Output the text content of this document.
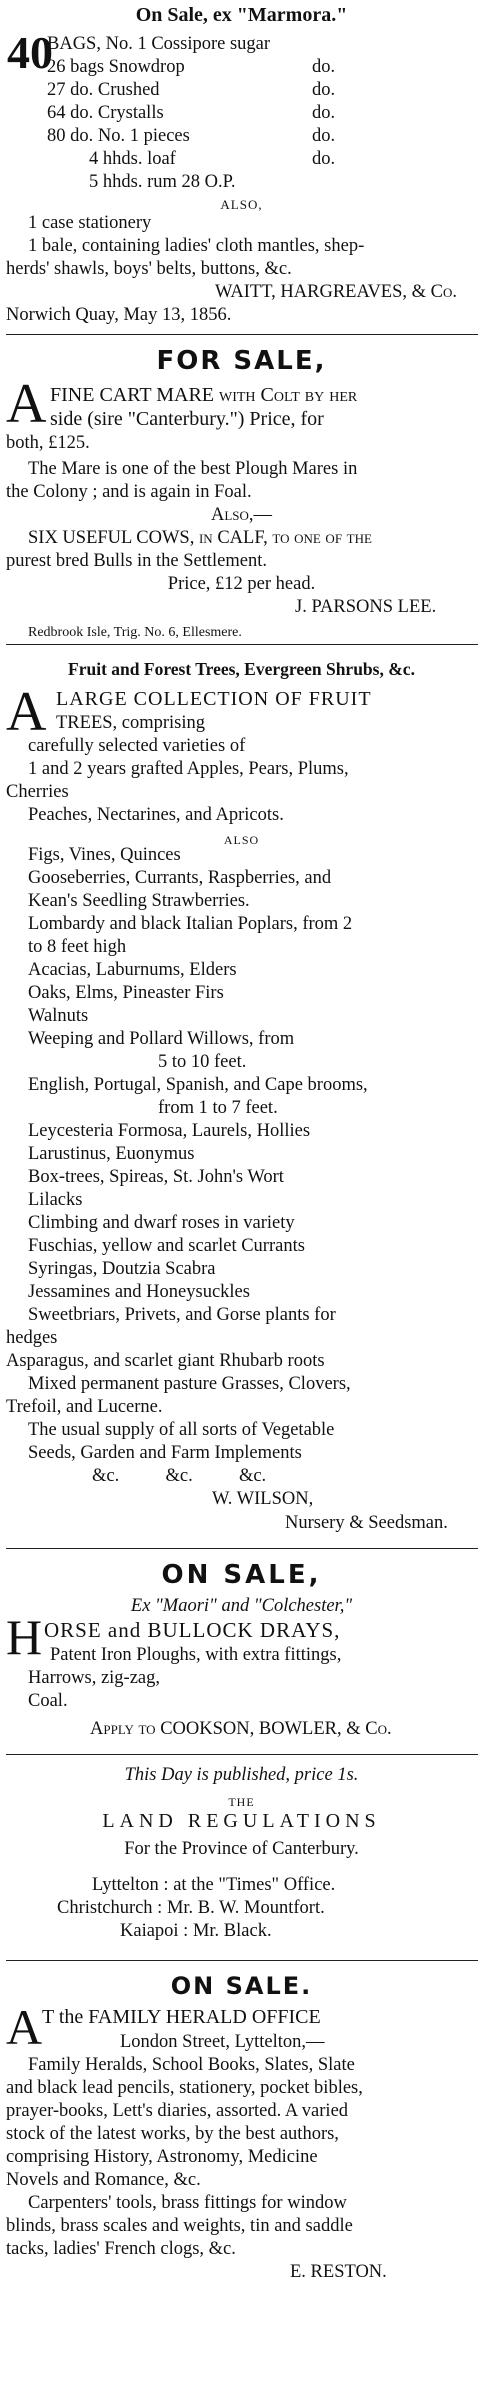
On Sale, ex "Marmora."
40
BAGS, No. 1 Cossipore sugar
26 bags Snowdrop	do.
27 do. Crushed	do.
64 do. Crystalls	do.
80 do. No. 1 pieces	do.
4 hhds. loaf	do.
5 hhds. rum 28 O.P.
ALSO,
1 case stationery
1 bale, containing ladies' cloth mantles, shep-
herds' shawls, boys' belts, buttons, &c.
WAITT, HARGREAVES, & Co.
Norwich Quay, May 13, 1856.
FOR SALE,
A FINE CART MARE with Colt by her
side (sire "Canterbury.") Price, for
both, £125.
The Mare is one of the best Plough Mares in
the Colony ; and is again in Foal.
Also,—
SIX USEFUL COWS, in CALF, to one of the
purest bred Bulls in the Settlement.
Price, £12 per head.
J. PARSONS LEE.
Redbrook Isle, Trig. No. 6, Ellesmere.
Fruit and Forest Trees, Evergreen Shrubs, &c.
A LARGE COLLECTION OF FRUIT
TREES, comprising
carefully selected varieties of
1 and 2 years grafted Apples, Pears, Plums,
Cherries
Peaches, Nectarines, and Apricots.
ALSO
Figs, Vines, Quinces
Gooseberries, Currants, Raspberries, and
Kean's Seedling Strawberries.
Lombardy and black Italian Poplars, from 2
to 8 feet high
Acacias, Laburnums, Elders
Oaks, Elms, Pineaster Firs
Walnuts
Weeping and Pollard Willows, from
5 to 10 feet.
English, Portugal, Spanish, and Cape brooms,
from 1 to 7 feet.
Leycesteria Formosa, Laurels, Hollies
Larustinus, Euonymus
Box-trees, Spireas, St. John's Wort
Lilacks
Climbing and dwarf roses in variety
Fuschias, yellow and scarlet Currants
Syringas, Doutzia Scabra
Jessamines and Honeysuckles
Sweetbriars, Privets, and Gorse plants for
hedges
Asparagus, and scarlet giant Rhubarb roots
Mixed permanent pasture Grasses, Clovers,
Trefoil, and Lucerne.
The usual supply of all sorts of Vegetable
Seeds, Garden and Farm Implements
&c.          &c.          &c.
W. WILSON,
Nursery & Seedsman.
ON SALE,
Ex "Maori" and "Colchester,"
H ORSE and BULLOCK DRAYS,
Patent Iron Ploughs, with extra fittings,
Harrows, zig-zag,
Coal.
Apply to COOKSON, BOWLER, & Co.
This Day is published, price 1s.
THE
LAND REGULATIONS
For the Province of Canterbury.
Lyttelton : at the "Times" Office.
Christchurch : Mr. B. W. Mountfort.
Kaiapoi : Mr. Black.
ON SALE.
A T the FAMILY HERALD OFFICE
London Street, Lyttelton,—
Family Heralds, School Books, Slates, Slate
and black lead pencils, stationery, pocket bibles,
prayer-books, Lett's diaries, assorted. A varied
stock of the latest works, by the best authors,
comprising History, Astronomy, Medicine
Novels and Romance, &c.
Carpenters' tools, brass fittings for window
blinds, brass scales and weights, tin and saddle
tacks, ladies' French clogs, &c.
E. RESTON.
